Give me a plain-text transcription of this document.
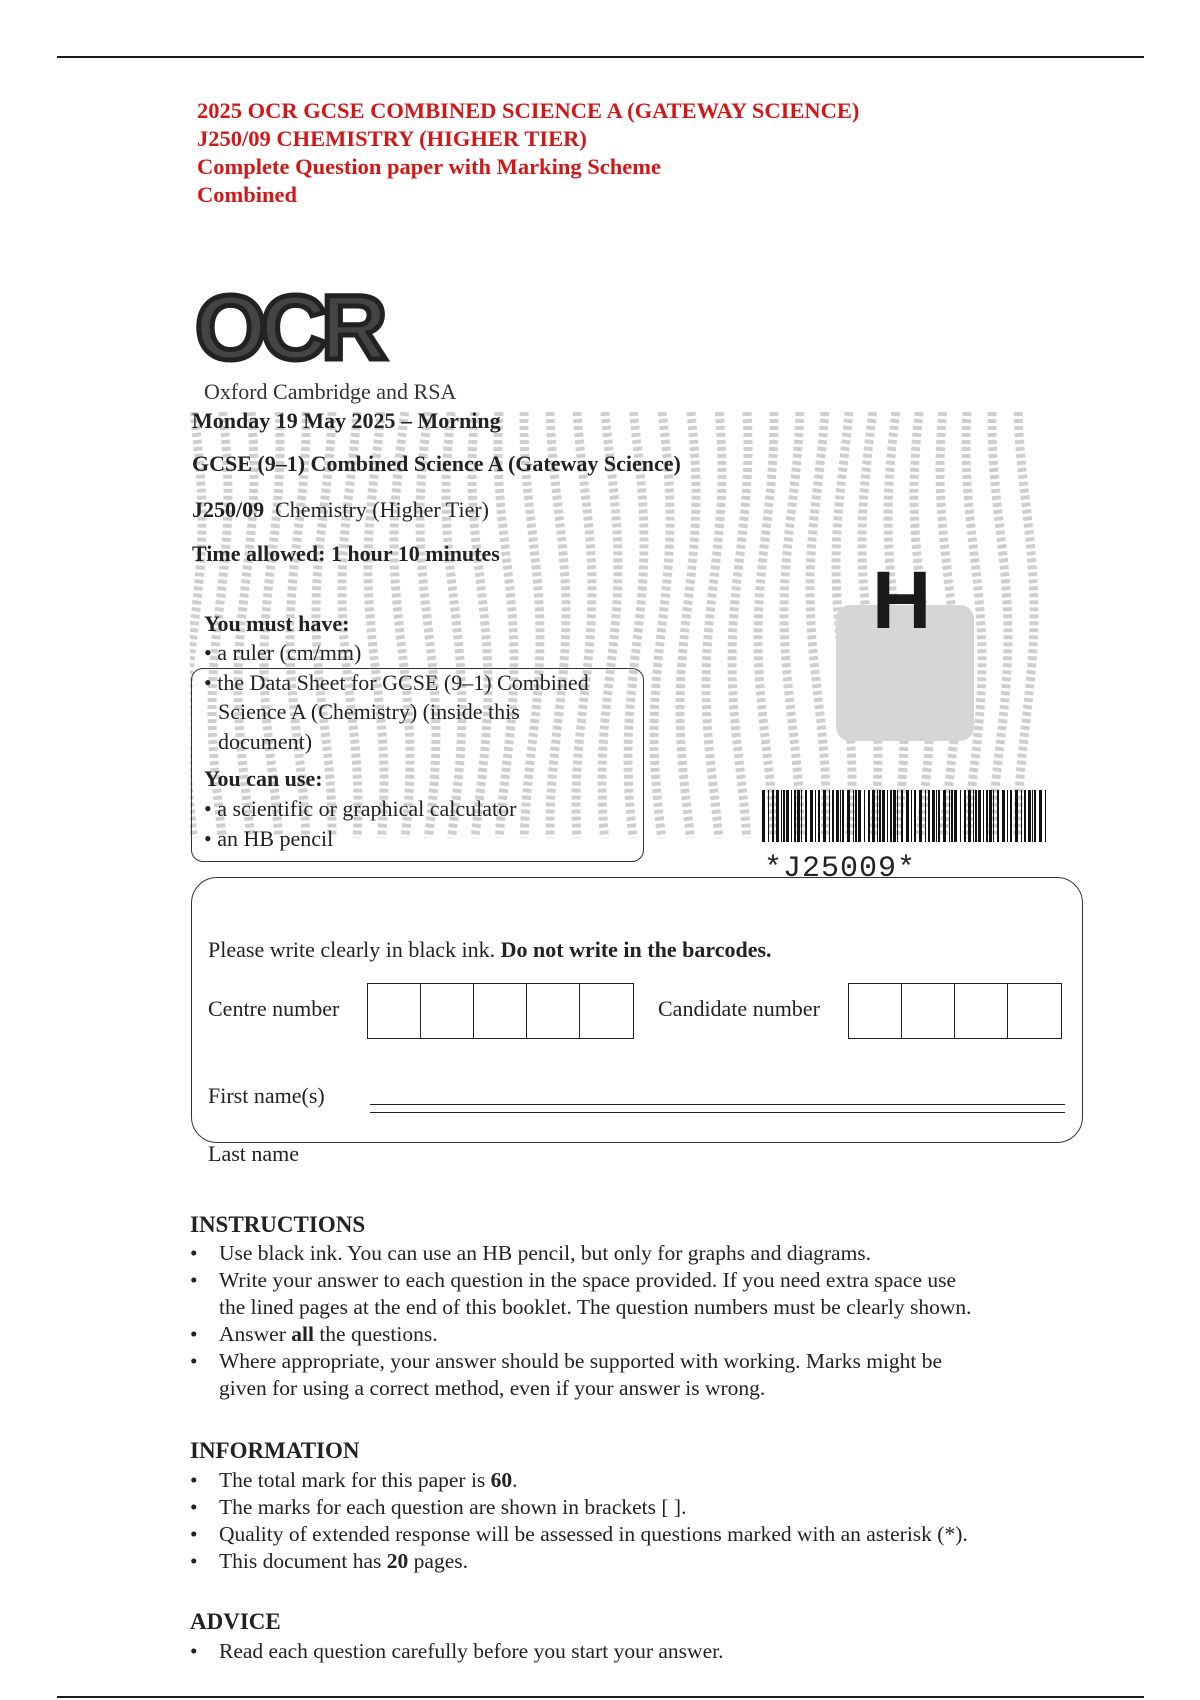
2025 OCR GCSE COMBINED SCIENCE A (GATEWAY SCIENCE)
J250/09 CHEMISTRY (HIGHER TIER)
Complete Question paper with Marking Scheme
Combined
OCR
Oxford Cambridge and RSA
Monday 19 May 2025 – Morning
GCSE (9–1) Combined Science A (Gateway Science)
J250/09 Chemistry (Higher Tier)
Time allowed: 1 hour 10 minutes
H
You must have:
• a ruler (cm/mm)
• the Data Sheet for GCSE (9–1) Combined
Science A (Chemistry) (inside this
document)
You can use:
• a scientific or graphical calculator
• an HB pencil
*J25009*
Please write clearly in black ink. Do not write in the barcodes.
Centre number	Candidate number
First name(s)
Last name
INSTRUCTIONS
• Use black ink. You can use an HB pencil, but only for graphs and diagrams.
• Write your answer to each question in the space provided. If you need extra space use
the lined pages at the end of this booklet. The question numbers must be clearly shown.
• Answer all the questions.
• Where appropriate, your answer should be supported with working. Marks might be
given for using a correct method, even if your answer is wrong.
INFORMATION
• The total mark for this paper is 60.
• The marks for each question are shown in brackets [ ].
• Quality of extended response will be assessed in questions marked with an asterisk (*).
• This document has 20 pages.
ADVICE
• Read each question carefully before you start your answer.
